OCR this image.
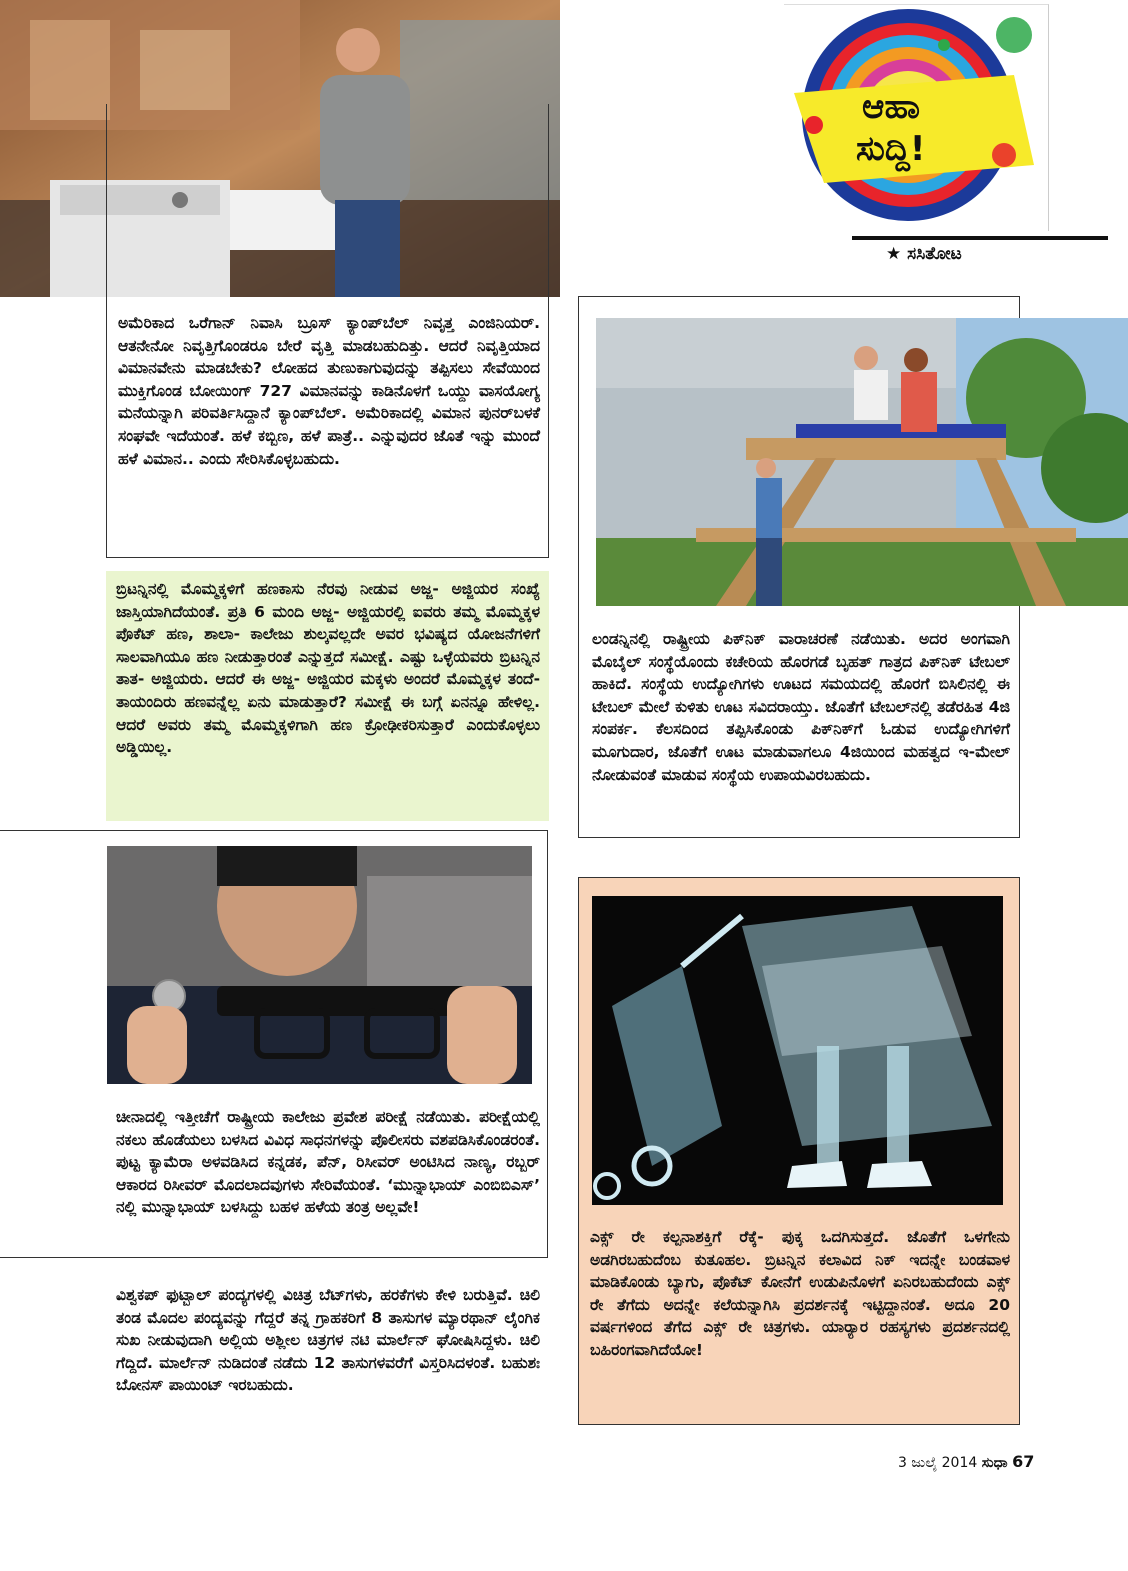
ಆಹಾ
ಸುದ್ದಿ!
★ ಸಸಿತೋಟ
ಅಮೆರಿಕಾದ ಒರೆಗಾನ್ ನಿವಾಸಿ ಬ್ರೂಸ್ ಕ್ಯಾಂಪ್‌ಬೆಲ್ ನಿವೃತ್ತ ಎಂಜಿನಿಯರ್. ಆತನೇನೋ ನಿವೃತ್ತಿಗೊಂಡರೂ ಬೇರೆ ವೃತ್ತಿ ಮಾಡಬಹುದಿತ್ತು. ಆದರೆ ನಿವೃತ್ತಿಯಾದ ವಿಮಾನವೇನು ಮಾಡಬೇಕು? ಲೋಹದ ತುಣುಕಾಗುವುದನ್ನು ತಪ್ಪಿಸಲು ಸೇವೆಯಿಂದ ಮುಕ್ತಿಗೊಂಡ ಬೋಯಿಂಗ್ 727 ವಿಮಾನವನ್ನು ಕಾಡಿನೊಳಗೆ ಒಯ್ದು ವಾಸಯೋಗ್ಯ ಮನೆಯನ್ನಾಗಿ ಪರಿವರ್ತಿಸಿದ್ದಾನೆ ಕ್ಯಾಂಪ್‌ಬೆಲ್. ಅಮೆರಿಕಾದಲ್ಲಿ ವಿಮಾನ ಪುನರ್‌ಬಳಕೆ ಸಂಘವೇ ಇದೆಯಂತೆ. ಹಳೆ ಕಬ್ಬಿಣ, ಹಳೆ ಪಾತ್ರೆ.. ಎನ್ನುವುದರ ಜೊತೆ ಇನ್ನು ಮುಂದೆ ಹಳೆ ವಿಮಾನ.. ಎಂದು ಸೇರಿಸಿಕೊಳ್ಳಬಹುದು.
ಬ್ರಿಟನ್ನಿನಲ್ಲಿ ಮೊಮ್ಮಕ್ಕಳಿಗೆ ಹಣಕಾಸು ನೆರವು ನೀಡುವ ಅಜ್ಜ- ಅಜ್ಜಿಯರ ಸಂಖ್ಯೆ ಜಾಸ್ತಿಯಾಗಿದೆಯಂತೆ. ಪ್ರತಿ 6 ಮಂದಿ ಅಜ್ಜ- ಅಜ್ಜಿಯರಲ್ಲಿ ಐವರು ತಮ್ಮ ಮೊಮ್ಮಕ್ಕಳ ಪೊಕೆಟ್ ಹಣ, ಶಾಲಾ- ಕಾಲೇಜು ಶುಲ್ಕವಲ್ಲದೇ ಅವರ ಭವಿಷ್ಯದ ಯೋಜನೆಗಳಿಗೆ ಸಾಲವಾಗಿಯೂ ಹಣ ನೀಡುತ್ತಾರಂತೆ ಎನ್ನುತ್ತದೆ ಸಮೀಕ್ಷೆ. ಎಷ್ಟು ಒಳ್ಳೆಯವರು ಬ್ರಿಟನ್ನಿನ ತಾತ- ಅಜ್ಜಿಯರು. ಆದರೆ ಈ ಅಜ್ಜ- ಅಜ್ಜಿಯರ ಮಕ್ಕಳು ಅಂದರೆ ಮೊಮ್ಮಕ್ಕಳ ತಂದೆ- ತಾಯಂದಿರು ಹಣವನ್ನೆಲ್ಲ ಏನು ಮಾಡುತ್ತಾರೆ? ಸಮೀಕ್ಷೆ ಈ ಬಗ್ಗೆ ಏನನ್ನೂ ಹೇಳಿಲ್ಲ. ಆದರೆ ಅವರು ತಮ್ಮ ಮೊಮ್ಮಕ್ಕಳಿಗಾಗಿ ಹಣ ಕ್ರೋಢೀಕರಿಸುತ್ತಾರೆ ಎಂದುಕೊಳ್ಳಲು ಅಡ್ಡಿಯಿಲ್ಲ.
ಲಂಡನ್ನಿನಲ್ಲಿ ರಾಷ್ಟ್ರೀಯ ಪಿಕ್‌ನಿಕ್ ವಾರಾಚರಣೆ ನಡೆಯಿತು. ಅದರ ಅಂಗವಾಗಿ ಮೊಬೈಲ್ ಸಂಸ್ಥೆಯೊಂದು ಕಚೇರಿಯ ಹೊರಗಡೆ ಬೃಹತ್ ಗಾತ್ರದ ಪಿಕ್‌ನಿಕ್ ಟೇಬಲ್ ಹಾಕಿದೆ. ಸಂಸ್ಥೆಯ ಉದ್ಯೋಗಿಗಳು ಊಟದ ಸಮಯದಲ್ಲಿ ಹೊರಗೆ ಬಿಸಿಲಿನಲ್ಲಿ ಈ ಟೇಬಲ್ ಮೇಲೆ ಕುಳಿತು ಊಟ ಸವಿದರಾಯ್ತು. ಜೊತೆಗೆ ಟೇಬಲ್‌ನಲ್ಲಿ ತಡೆರಹಿತ 4ಜಿ ಸಂಪರ್ಕ. ಕೆಲಸದಿಂದ ತಪ್ಪಿಸಿಕೊಂಡು ಪಿಕ್‌ನಿಕ್‌ಗೆ ಓಡುವ ಉದ್ಯೋಗಿಗಳಿಗೆ ಮೂಗುದಾರ, ಜೊತೆಗೆ ಊಟ ಮಾಡುವಾಗಲೂ 4ಜಿಯಿಂದ ಮಹತ್ವದ ಇ-ಮೇಲ್ ನೋಡುವಂತೆ ಮಾಡುವ ಸಂಸ್ಥೆಯ ಉಪಾಯವಿರಬಹುದು.
ಚೀನಾದಲ್ಲಿ ಇತ್ತೀಚೆಗೆ ರಾಷ್ಟ್ರೀಯ ಕಾಲೇಜು ಪ್ರವೇಶ ಪರೀಕ್ಷೆ ನಡೆಯಿತು. ಪರೀಕ್ಷೆಯಲ್ಲಿ ನಕಲು ಹೊಡೆಯಲು ಬಳಸಿದ ವಿವಿಧ ಸಾಧನಗಳನ್ನು ಪೊಲೀಸರು ವಶಪಡಿಸಿಕೊಂಡರಂತೆ. ಪುಟ್ಟ ಕ್ಯಾಮೆರಾ ಅಳವಡಿಸಿದ ಕನ್ನಡಕ, ಪೆನ್, ರಿಸೀವರ್ ಅಂಟಿಸಿದ ನಾಣ್ಯ, ರಬ್ಬರ್ ಆಕಾರದ ರಿಸೀವರ್ ಮೊದಲಾದವುಗಳು ಸೇರಿವೆಯಂತೆ. ‘ಮುನ್ನಾಭಾಯ್ ಎಂಬಿಬಿಎಸ್’ ನಲ್ಲಿ ಮುನ್ನಾಭಾಯ್ ಬಳಸಿದ್ದು ಬಹಳ ಹಳೆಯ ತಂತ್ರ ಅಲ್ಲವೇ!
ವಿಶ್ವಕಪ್ ಫುಟ್ಬಾಲ್ ಪಂದ್ಯಗಳಲ್ಲಿ ವಿಚಿತ್ರ ಬೆಟ್‌ಗಳು, ಹರಕೆಗಳು ಕೇಳಿ ಬರುತ್ತಿವೆ. ಚಿಲಿ ತಂಡ ಮೊದಲ ಪಂದ್ಯವನ್ನು ಗೆದ್ದರೆ ತನ್ನ ಗ್ರಾಹಕರಿಗೆ 8 ತಾಸುಗಳ ಮ್ಯಾರಥಾನ್ ಲೈಂಗಿಕ ಸುಖ ನೀಡುವುದಾಗಿ ಅಲ್ಲಿಯ ಅಶ್ಲೀಲ ಚಿತ್ರಗಳ ನಟಿ ಮಾರ್ಲೆನ್ ಘೋಷಿಸಿದ್ದಳು. ಚಿಲಿ ಗೆದ್ದಿದೆ. ಮಾರ್ಲೆನ್ ನುಡಿದಂತೆ ನಡೆದು 12 ತಾಸುಗಳವರೆಗೆ ವಿಸ್ತರಿಸಿದಳಂತೆ. ಬಹುಶಃ ಬೋನಸ್ ಪಾಯಿಂಟ್ ಇರಬಹುದು.
ಎಕ್ಸ್ ರೇ ಕಲ್ಪನಾಶಕ್ತಿಗೆ ರೆಕ್ಕೆ- ಪುಕ್ಕ ಒದಗಿಸುತ್ತದೆ. ಜೊತೆಗೆ ಒಳಗೇನು ಅಡಗಿರಬಹುದೆಂಬ ಕುತೂಹಲ. ಬ್ರಿಟನ್ನಿನ ಕಲಾವಿದ ನಿಕ್ ಇದನ್ನೇ ಬಂಡವಾಳ ಮಾಡಿಕೊಂಡು ಬ್ಯಾಗು, ಪೊಕೆಟ್ ಕೋನೆಗೆ ಉಡುಪಿನೊಳಗೆ ಏನಿರಬಹುದೆಂದು ಎಕ್ಸ್ ರೇ ತೆಗೆದು ಅದನ್ನೇ ಕಲೆಯನ್ನಾಗಿಸಿ ಪ್ರದರ್ಶನಕ್ಕೆ ಇಟ್ಟಿದ್ದಾನಂತೆ. ಅದೂ 20 ವರ್ಷಗಳಿಂದ ತೆಗೆದ ಎಕ್ಸ್ ರೇ ಚಿತ್ರಗಳು. ಯಾರ್‍ಯಾರ ರಹಸ್ಯಗಳು ಪ್ರದರ್ಶನದಲ್ಲಿ ಬಹಿರಂಗವಾಗಿದೆಯೋ!
3 ಜುಲೈ 2014 ಸುಧಾ 67
